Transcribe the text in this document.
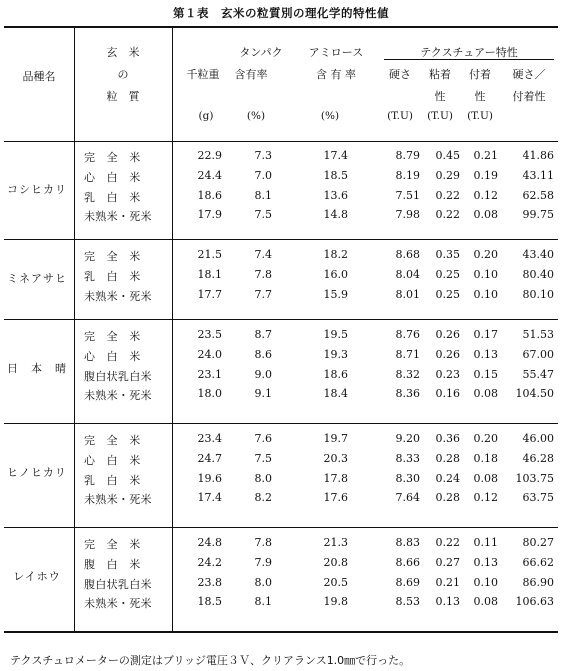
第１表　玄米の粒質別の理化学的特性値
品種名
玄　米
の
粒　質
タンパク
含有率
アミロース
含 有 率
千粒重
テクスチュアー特性
硬さ	粘着
性
付着
性
硬さ／
付着性
(g)	(%)	(%)	(T.U)	(T.U)	(T.U)
コシヒカリ
完　全　米	22.9	7.3	17.4	8.79	0.45	0.21	41.86
心　白　米	24.4	7.0	18.5	8.19	0.29	0.19	43.11
乳　白　米	18.6	8.1	13.6	7.51	0.22	0.12	62.58
未熟米・死米	17.9	7.5	14.8	7.98	0.22	0.08	99.75
ミネアサヒ
完　全　米	21.5	7.4	18.2	8.68	0.35	0.20	43.40
乳　白　米	18.1	7.8	16.0	8.04	0.25	0.10	80.40
未熟米・死米	17.7	7.7	15.9	8.01	0.25	0.10	80.10
日　本　晴
完　全　米	23.5	8.7	19.5	8.76	0.26	0.17	51.53
心　白　米	24.0	8.6	19.3	8.71	0.26	0.13	67.00
腹白状乳白米	23.1	9.0	18.6	8.32	0.23	0.15	55.47
未熟米・死米	18.0	9.1	18.4	8.36	0.16	0.08	104.50
ヒノヒカリ
完　全　米	23.4	7.6	19.7	9.20	0.36	0.20	46.00
心　白　米	24.7	7.5	20.3	8.33	0.28	0.18	46.28
乳　白　米	19.6	8.0	17.8	8.30	0.24	0.08	103.75
未熟米・死米	17.4	8.2	17.6	7.64	0.28	0.12	63.75
レイホウ
完　全　米	24.8	7.8	21.3	8.83	0.22	0.11	80.27
腹　白　米	24.2	7.9	20.8	8.66	0.27	0.13	66.62
腹白状乳白米	23.8	8.0	20.5	8.69	0.21	0.10	86.90
未熟米・死米	18.5	8.1	19.8	8.53	0.13	0.08	106.63
テクスチュロメーターの測定はブリッジ電圧３Ｖ、クリアランス1.0㎜で行った。
